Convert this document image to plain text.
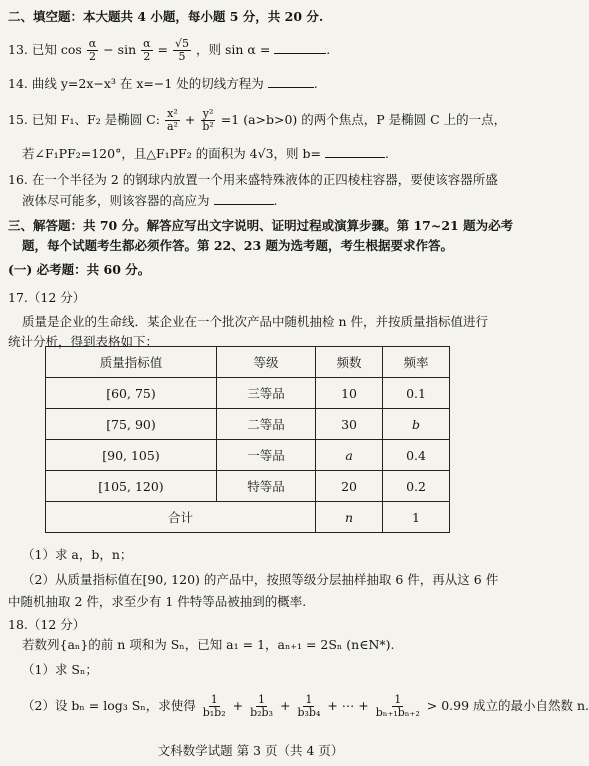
二、填空题：本大题共 4 小题，每小题 5 分，共 20 分.
13. 已知 $\cos \frac{\alpha}{2} - \sin \frac{\alpha}{2} = \frac{√5}{5}$ ，则 sin α =	.
14. 曲线 y=2x−x³ 在 x=−1 处的切线方程为	.
15. 已知 F₁、F₂ 是椭圆 C: $\frac{\text{x²}}{\text{a²}} + \frac{\text{y²}}{\text{b²}} =1$ (a>b>0) 的两个焦点，P 是椭圆 C 上的一点，
若∠F₁PF₂=120°，且△F₁PF₂ 的面积为 4√3，则 b=	.
16. 在一个半径为 2 的钢球内放置一个用来盛特殊液体的正四棱柱容器，要使该容器所盛
液体尽可能多，则该容器的高应为	.
三、解答题：共 70 分。解答应写出文字说明、证明过程或演算步骤。第 17~21 题为必考
题，每个试题考生都必须作答。第 22、23 题为选考题，考生根据要求作答。
(一) 必考题：共 60 分。
17.（12 分）
质量是企业的生命线．某企业在一个批次产品中随机抽检 n 件，并按质量指标值进行
统计分析，得到表格如下：
质量指标值	等级	频数	频率
[60, 75)	三等品	10	0.1
[75, 90)	二等品	30	b
[90, 105)	一等品	a	0.4
[105, 120)	特等品	20	0.2
合计		n	1
（1）求 a，b，n；
（2）从质量指标值在[90, 120) 的产品中，按照等级分层抽样抽取 6 件，再从这 6 件
中随机抽取 2 件，求至少有 1 件特等品被抽到的概率.
18.（12 分）
若数列{aₙ}的前 n 项和为 Sₙ，已知 a₁ = 1，aₙ₊₁ = 2Sₙ (n∈N*).
（1）求 Sₙ；
（2）设 bₙ = log₃ Sₙ，求使得 $\frac{1}{\text{b₁b₂}} + \frac{1}{\text{b₂b₃}} + \frac{1}{\text{b₃b₄}}$ + ⋯ + $\frac{1}{\text{bₙ₊₁bₙ₊₂}} > 0.99$ 成立的最小自然数 n.
文科数学试题 第 3 页（共 4 页）
